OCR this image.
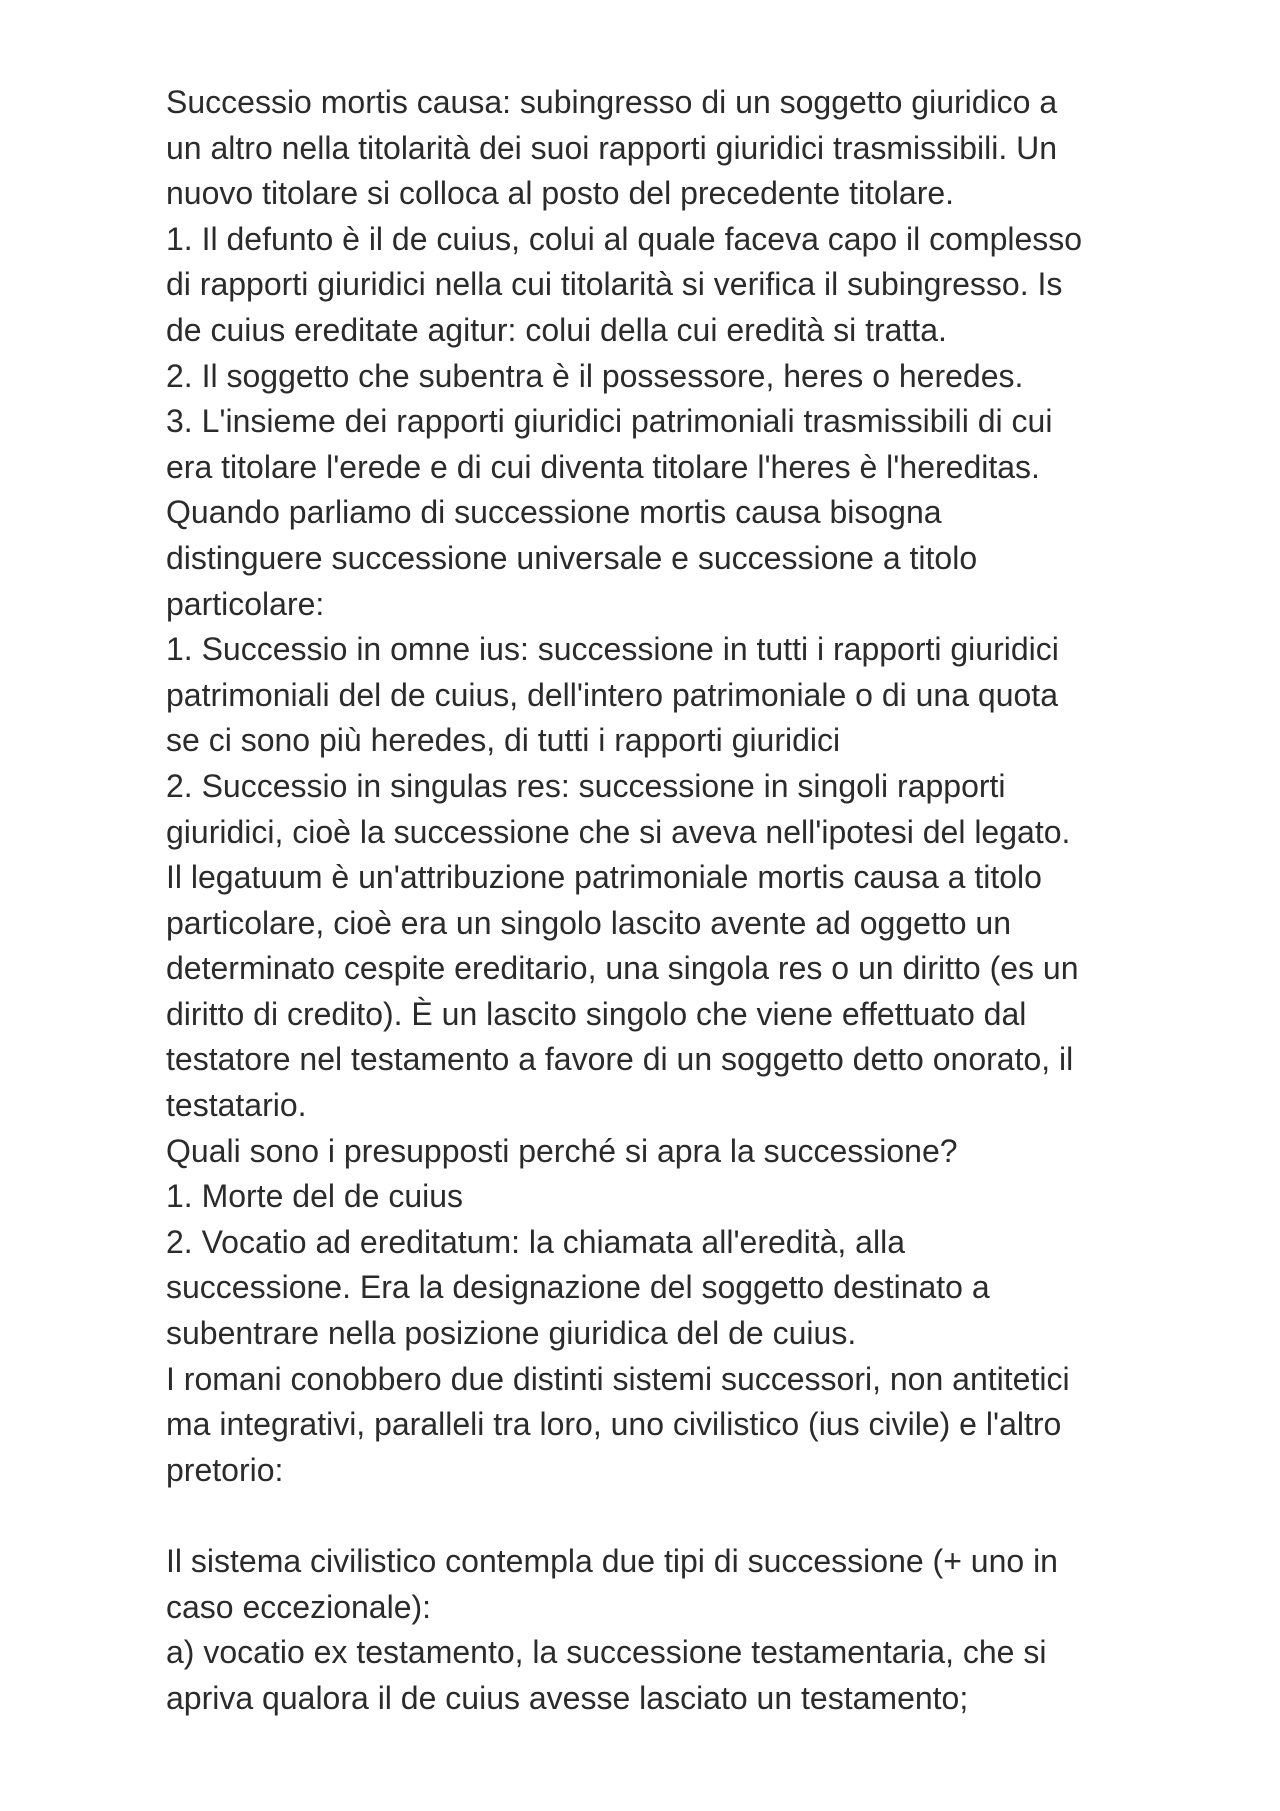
Successio mortis causa: subingresso di un soggetto giuridico a
un altro nella titolarità dei suoi rapporti giuridici trasmissibili. Un
nuovo titolare si colloca al posto del precedente titolare.
1. Il defunto è il de cuius, colui al quale faceva capo il complesso
di rapporti giuridici nella cui titolarità si verifica il subingresso. Is
de cuius ereditate agitur: colui della cui eredità si tratta.
2. Il soggetto che subentra è il possessore, heres o heredes.
3. L'insieme dei rapporti giuridici patrimoniali trasmissibili di cui
era titolare l'erede e di cui diventa titolare l'heres è l'hereditas.
Quando parliamo di successione mortis causa bisogna
distinguere successione universale e successione a titolo
particolare:
1. Successio in omne ius: successione in tutti i rapporti giuridici
patrimoniali del de cuius, dell'intero patrimoniale o di una quota
se ci sono più heredes, di tutti i rapporti giuridici
2. Successio in singulas res: successione in singoli rapporti
giuridici, cioè la successione che si aveva nell'ipotesi del legato.
Il legatuum è un'attribuzione patrimoniale mortis causa a titolo
particolare, cioè era un singolo lascito avente ad oggetto un
determinato cespite ereditario, una singola res o un diritto (es un
diritto di credito). È un lascito singolo che viene effettuato dal
testatore nel testamento a favore di un soggetto detto onorato, il
testatario.
Quali sono i presupposti perché si apra la successione?
1. Morte del de cuius
2. Vocatio ad ereditatum: la chiamata all'eredità, alla
successione. Era la designazione del soggetto destinato a
subentrare nella posizione giuridica del de cuius.
I romani conobbero due distinti sistemi successori, non antitetici
ma integrativi, paralleli tra loro, uno civilistico (ius civile) e l'altro
pretorio:
Il sistema civilistico contempla due tipi di successione (+ uno in
caso eccezionale):
a) vocatio ex testamento, la successione testamentaria, che si
apriva qualora il de cuius avesse lasciato un testamento;
